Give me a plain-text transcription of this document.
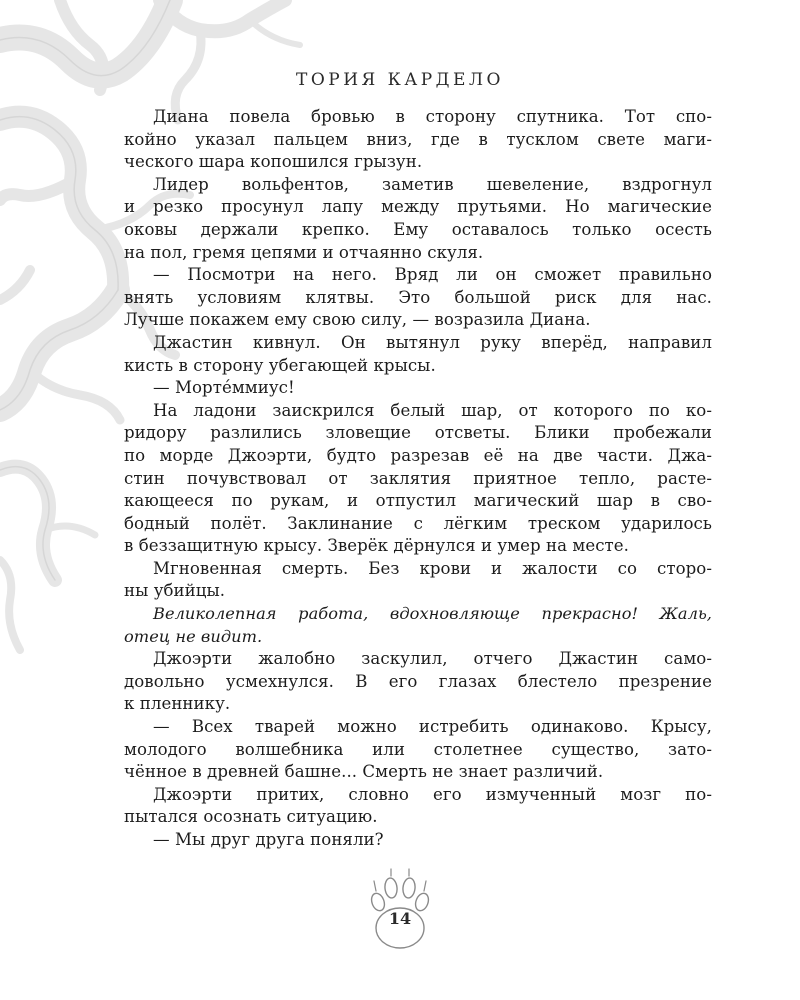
ТОРИЯ КАРДЕЛО
Диана повела бровью в сторону спутника. Тот спо-
койно указал пальцем вниз, где в тусклом свете маги-
ческого шара копошился грызун.
Лидер вольфентов, заметив шевеление, вздрогнул
и резко просунул лапу между прутьями. Но магические
оковы держали крепко. Ему оставалось только осесть
на пол, гремя цепями и отчаянно скуля.
— Посмотри на него. Вряд ли он сможет правильно
внять условиям клятвы. Это большой риск для нас.
Лучше покажем ему свою силу, — возразила Диана.
Джастин кивнул. Он вытянул руку вперёд, направил
кисть в сторону убегающей крысы.
— Мортéммиус!
На ладони заискрился белый шар, от которого по ко-
ридору разлились зловещие отсветы. Блики пробежали
по морде Джоэрти, будто разрезав её на две части. Джа-
стин почувствовал от заклятия приятное тепло, расте-
кающееся по рукам, и отпустил магический шар в сво-
бодный полёт. Заклинание с лёгким треском ударилось
в беззащитную крысу. Зверёк дёрнулся и умер на месте.
Мгновенная смерть. Без крови и жалости со сторо-
ны убийцы.
Великолепная работа, вдохновляюще прекрасно! Жаль,
отец не видит.
Джоэрти жалобно заскулил, отчего Джастин само-
довольно усмехнулся. В его глазах блестело презрение
к пленнику.
— Всех тварей можно истребить одинаково. Крысу,
молодого волшебника или столетнее существо, зато-
чённое в древней башне... Смерть не знает различий.
Джоэрти притих, словно его измученный мозг по-
пытался осознать ситуацию.
— Мы друг друга поняли?
14
